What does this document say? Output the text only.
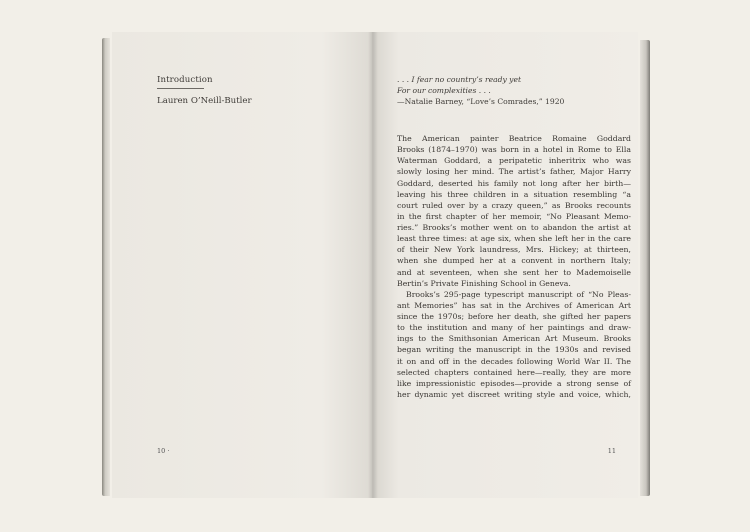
Introduction
Lauren O’Neill-Butler
10 ·
. . . I fear no country’s ready yet
For our complexities . . .
—Natalie Barney, “Love’s Comrades,” 1920
The American painter Beatrice Romaine Goddard
Brooks (1874–1970) was born in a hotel in Rome to Ella
Waterman Goddard, a peripatetic inheritrix who was
slowly losing her mind. The artist’s father, Major Harry
Goddard, deserted his family not long after her birth—
leaving his three children in a situation resembling “a
court ruled over by a crazy queen,” as Brooks recounts
in the first chapter of her memoir, “No Pleasant Memo-
ries.” Brooks’s mother went on to abandon the artist at
least three times: at age six, when she left her in the care
of their New York laundress, Mrs. Hickey; at thirteen,
when she dumped her at a convent in northern Italy;
and at seventeen, when she sent her to Mademoiselle
Bertin’s Private Finishing School in Geneva.
Brooks’s 295-page typescript manuscript of “No Pleas-
ant Memories” has sat in the Archives of American Art
since the 1970s; before her death, she gifted her papers
to the institution and many of her paintings and draw-
ings to the Smithsonian American Art Museum. Brooks
began writing the manuscript in the 1930s and revised
it on and off in the decades following World War II. The
selected chapters contained here—really, they are more
like impressionistic episodes—provide a strong sense of
her dynamic yet discreet writing style and voice, which,
11
